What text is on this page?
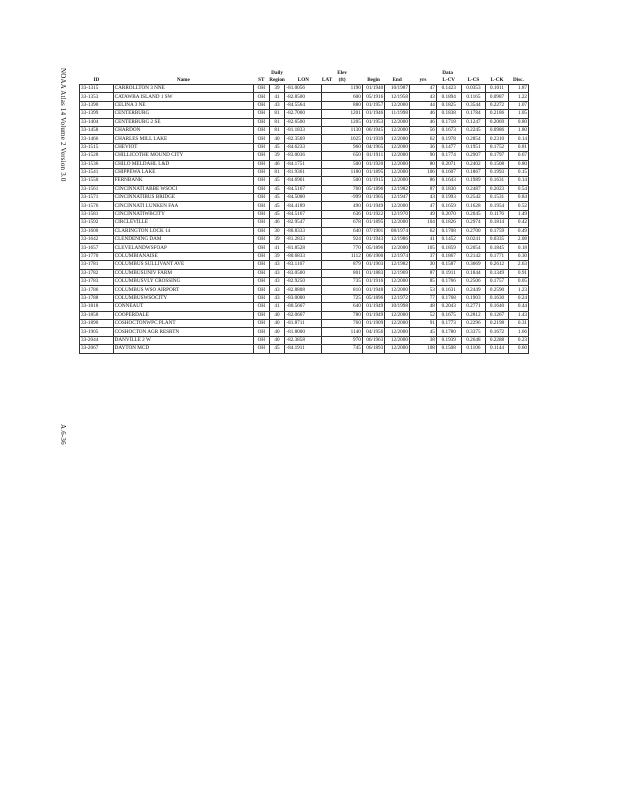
NOAA Atlas 14 Volume 2 Version 3.0
A.6-36
			Daily			Elev			Data				
ID	Name	ST	Region	LON	LAT	(ft)	Begin	End	yrs	L-CV	L-CS	L-CK	Disc.
33-1315	CARROLLTON 3 NNE	OH	39	-81.0056		1190	01/1940	10/1987	47	0.1423	0.0353	0.1011	1.87
33-1353	CATAWBA ISLAND 1 SW	OH	41	-82.8500		600	05/1916	12/1958	43	0.1894	0.1165	0.0987	1.22
33-1390	CELINA 3 NE	OH	43	-84.5564		880	01/1957	12/2000	44	0.1825	0.3544	0.2272	1.07
33-1399	CENTERBURG	OH	81	-82.7000		1201	01/1946	11/1998	46	0.1838	0.1784	0.2186	1.05
33-1404	CENTERBURG 2 SE	OH	81	-82.6500		1205	01/1953	12/2000	46	0.1718	0.1247	0.2069	0.80
33-1458	CHARDON	OH	81	-81.1833		1130	06/1945	12/2000	56	0.1673	0.2245	0.0986	1.80
33-1466	CHARLES MILL LAKE	OH	40	-82.3569		1025	01/1939	12/2000	62	0.1978	0.2854	0.2310	0.14
33-1515	CHEVIOT	OH	45	-84.6233		960	04/1965	12/2000	36	0.1477	0.1951	0.1752	0.81
33-1528	CHILLICOTHE MOUND CITY	OH	39	-83.0036		650	01/1911	12/2000	90	0.1774	0.2907	0.1797	0.67
33-1536	CHILO MELDAHL L&D	OH	46	-84.1751		500	01/1920	12/2000	80	0.2071	0.2402	0.1508	0.80
33-1541	CHIPPEWA LAKE	OH	81	-81.9361		1180	01/1895	12/2000	106	0.1607	0.1867	0.1993	0.15
33-1550	FERNBANK	OH	45	-84.6961		500	01/1915	12/2000	86	0.1643	0.1989	0.1631	0.14
33-1561	CINCINNATI ABBE WSOCI	OH	45	-84.5167		760	05/1896	12/1982	87	0.1830	0.2487	0.2023	0.54
33-1571	CINCINNATIBUS BRIDGE	OH	45	-84.5000		-999	01/1905	12/1947	43	0.1993	0.2542	0.1531	0.84
33-1576	CINCINNATI LUNKEN FAA	OH	45	-84.4189		490	01/1949	12/2000	47	0.1659	0.1628	0.1954	0.52
33-1581	CINCINNATIWBCITY	OH	45	-84.5167		636	01/1922	12/1970	49	0.2070	0.2045	0.1176	1.49
33-1592	CIRCLEVILLE	OH	46	-82.9547		678	01/1895	12/2000	104	0.1826	0.2974	0.1814	0.42
33-1600	CLARINGTON LOCK 14	OH	30	-80.8333		640	07/1901	08/1974	62	0.1708	0.2700	0.1759	0.49
33-1642	CLENDENING DAM	OH	39	-81.2833		924	01/1943	12/1986	41	0.1452	0.0241	0.0335	2.08
33-1657	CLEVELANDWSFOAP	OH	41	-81.8528		770	05/1896	12/2000	105	0.1859	0.2054	0.1845	0.18
33-1770	COLUMBIANAISE	OH	39	-80.6833		1112	06/1900	12/1974	37	0.1867	0.2142	0.1771	0.30
33-1781	COLUMBUS SULLIVANT AVE	OH	43	-83.1167		879	01/1903	12/1982	30	0.1587	0.3669	0.2612	2.63
33-1782	COLUMBUSUNIV FARM	OH	43	-83.0500		801	01/1883	12/1969	87	0.1911	0.1844	0.1349	0.91
33-1783	COLUMBUSVLY CROSSING	OH	43	-82.9250		735	01/1916	12/2000	85	0.1766	0.2506	0.1757	0.05
33-1786	COLUMBUS WSO AIRPORT	OH	43	-82.8808		810	01/1948	12/2000	53	0.1631	0.2449	0.2590	1.23
33-1788	COLUMBUSWSOCITY	OH	43	-83.0000		725	05/1896	12/1972	77	0.1768	0.1903	0.1630	0.24
33-1818	CONNEAUT	OH	41	-80.5667		640	01/1949	10/1998	48	0.2043	0.2771	0.1640	0.44
33-1858	COOPERDALE	OH	40	-82.0667		780	01/1949	12/2000	52	0.1675	0.2812	0.1267	1.43
33-1890	COSHOCTONWPC PLANT	OH	40	-81.8711		760	01/1909	12/2000	91	0.1773	0.2296	0.2198	0.31
33-1905	COSHOCTON AGR RESRTN	OH	40	-81.8000		1140	04/1956	12/2000	45	0.1780	0.3375	0.1672	1.66
33-2044	DANVILLE 2 W	OH	40	-82.3858		970	06/1963	12/2000	38	0.1939	0.2648	0.2288	0.23
33-2067	DAYTON MCD	OH	45	-84.1911		745	06/1893	12/2000	108	0.1508	0.1106	0.1144	0.60
